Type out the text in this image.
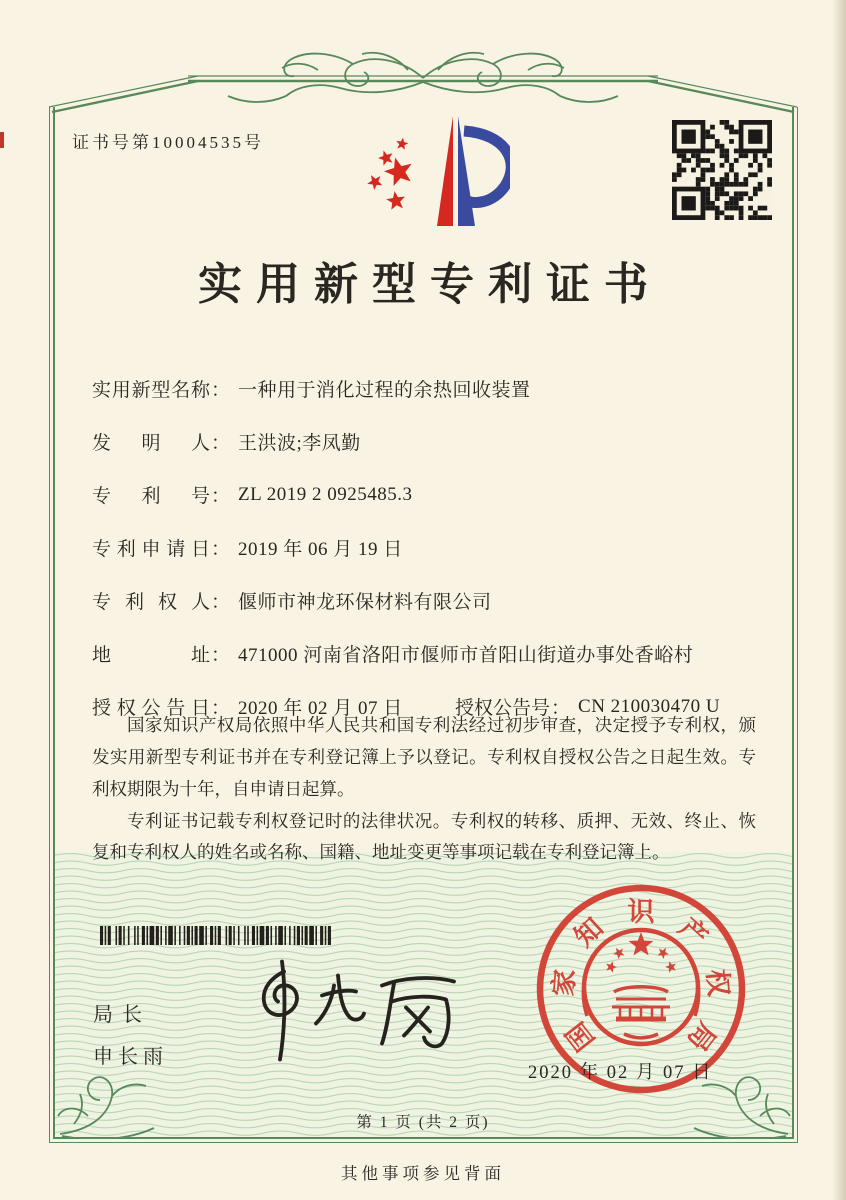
证书号第10004535号
实用新型专利证书
实用新型名称 ： 一种用于消化过程的余热回收装置
发明人 ： 王洪波;李凤勤
专利号 ： ZL 2019 2 0925485.3
专利申请日 ： 2019 年 06 月 19 日
专利权人 ： 偃师市神龙环保材料有限公司
地址 ： 471000 河南省洛阳市偃师市首阳山街道办事处香峪村
授权公告日 ： 2020 年 02 月 07 日	授权公告号 ： CN 210030470 U

国家知识产权局依照中华人民共和国专利法经过初步审查，决定授予专利权，颁发实用新型专利证书并在专利登记簿上予以登记。专利权自授权公告之日起生效。专利权期限为十年，自申请日起算。

专利证书记载专利权登记时的法律状况。专利权的转移、质押、无效、终止、恢复和专利权人的姓名或名称、国籍、地址变更等事项记载在专利登记簿上。

局长
申长雨
国
家
知
识
产
权
局
2020 年 02 月 07 日
第 1 页 (共 2 页)
其他事项参见背面
